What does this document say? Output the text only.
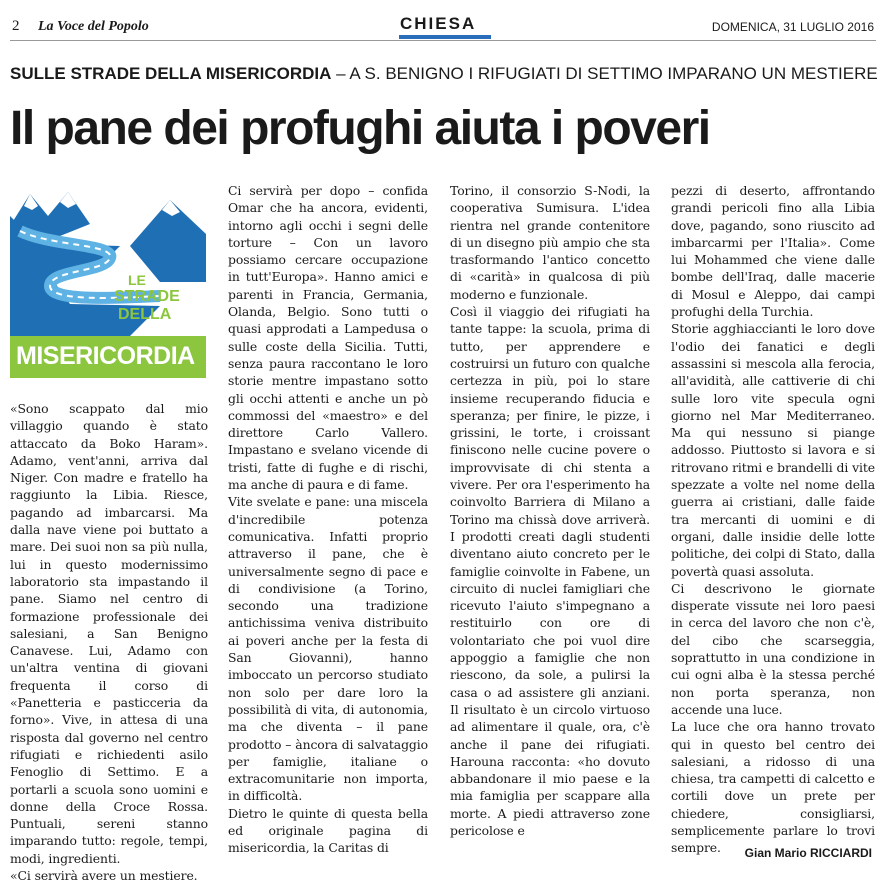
2 La Voce del Popolo	CHIESA	DOMENICA, 31 LUGLIO 2016
SULLE STRADE DELLA MISERICORDIA – A S. BENIGNO I RIFUGIATI DI SETTIMO IMPARANO UN MESTIERE
Il pane dei profughi aiuta i poveri
LE
STRADE
DELLA
MISERICORDIA

«Sono scappato dal mio villaggio quando è stato attaccato da Boko Haram». Adamo, vent'anni, arriva dal Niger. Con madre e fratello ha raggiunto la Libia. Riesce, pagando ad imbarcarsi. Ma dalla nave viene poi buttato a mare. Dei suoi non sa più nulla, lui in questo modernissimo laboratorio sta impastando il pane. Siamo nel centro di formazione professionale dei salesiani, a San Benigno Canavese. Lui, Adamo con un'altra ventina di giovani frequenta il corso di «Panetteria e pasticceria da forno». Vive, in attesa di una risposta dal governo nel centro rifugiati e richiedenti asilo Fenoglio di Settimo. E a portarli a scuola sono uomini e donne della Croce Rossa. Puntuali, sereni stanno imparando tutto: regole, tempi, modi, ingredienti.

«Ci servirà avere un mestiere.

Ci servirà per dopo – confida Omar che ha ancora, evidenti, intorno agli occhi i segni delle torture – Con un lavoro possiamo cercare occupazione in tutt'Europa». Hanno amici e parenti in Francia, Germania, Olanda, Belgio. Sono tutti o quasi approdati a Lampedusa o sulle coste della Sicilia. Tutti, senza paura raccontano le loro storie mentre impastano sotto gli occhi attenti e anche un pò commossi del «maestro» e del direttore Carlo Vallero. Impastano e svelano vicende di tristi, fatte di fughe e di rischi, ma anche di paura e di fame.

Vite svelate e pane: una miscela d'incredibile potenza comunicativa. Infatti proprio attraverso il pane, che è universalmente segno di pace e di condivisione (a Torino, secondo una tradizione antichissima veniva distribuito ai poveri anche per la festa di San Giovanni), hanno imboccato un percorso studiato non solo per dare loro la possibilità di vita, di autonomia, ma che diventa – il pane prodotto – àncora di salvataggio per famiglie, italiane o extracomunitarie non importa, in difficoltà.

Dietro le quinte di questa bella ed originale pagina di misericordia, la Caritas di

Torino, il consorzio S-Nodi, la cooperativa Sumisura. L'idea rientra nel grande contenitore di un disegno più ampio che sta trasformando l'antico concetto di «carità» in qualcosa di più moderno e funzionale.

Così il viaggio dei rifugiati ha tante tappe: la scuola, prima di tutto, per apprendere e costruirsi un futuro con qualche certezza in più, poi lo stare insieme recuperando fiducia e speranza; per finire, le pizze, i grissini, le torte, i croissant finiscono nelle cucine povere o improvvisate di chi stenta a vivere. Per ora l'esperimento ha coinvolto Barriera di Milano a Torino ma chissà dove arriverà. I prodotti creati dagli studenti diventano aiuto concreto per le famiglie coinvolte in Fabene, un circuito di nuclei famigliari che ricevuto l'aiuto s'impegnano a restituirlo con ore di volontariato che poi vuol dire appoggio a famiglie che non riescono, da sole, a pulirsi la casa o ad assistere gli anziani. Il risultato è un circolo virtuoso ad alimentare il quale, ora, c'è anche il pane dei rifugiati. Harouna racconta: «ho dovuto abbandonare il mio paese e la mia famiglia per scappare alla morte. A piedi attraverso zone pericolose e

pezzi di deserto, affrontando grandi pericoli fino alla Libia dove, pagando, sono riuscito ad imbarcarmi per l'Italia». Come lui Mohammed che viene dalle bombe dell'Iraq, dalle macerie di Mosul e Aleppo, dai campi profughi della Turchia.

Storie agghiaccianti le loro dove l'odio dei fanatici e degli assassini si mescola alla ferocia, all'avidità, alle cattiverie di chi sulle loro vite specula ogni giorno nel Mar Mediterraneo. Ma qui nessuno si piange addosso. Piuttosto si lavora e si ritrovano ritmi e brandelli di vite spezzate a volte nel nome della guerra ai cristiani, dalle faide tra mercanti di uomini e di organi, dalle insidie delle lotte politiche, dei colpi di Stato, dalla povertà quasi assoluta.

Ci descrivono le giornate disperate vissute nei loro paesi in cerca del lavoro che non c'è, del cibo che scarseggia, soprattutto in una condizione in cui ogni alba è la stessa perché non porta speranza, non accende una luce.

La luce che ora hanno trovato qui in questo bel centro dei salesiani, a ridosso di una chiesa, tra campetti di calcetto e cortili dove un prete per chiedere, consigliarsi, semplicemente parlare lo trovi sempre.	Gian Mario RICCIARDI
